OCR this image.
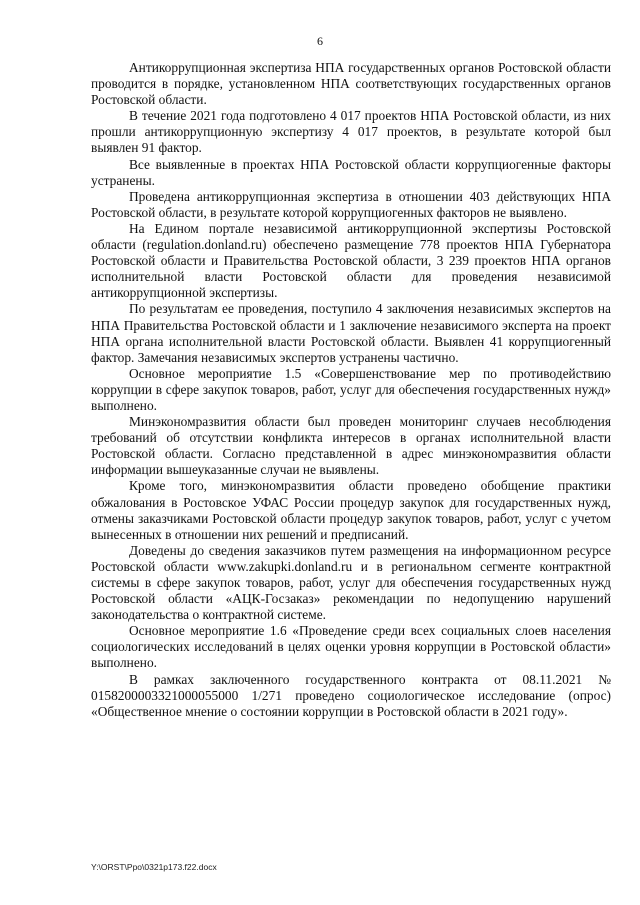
6

Антикоррупционная экспертиза НПА государственных органов Ростовской области проводится в порядке, установленном НПА соответствующих государственных органов Ростовской области.

В течение 2021 года подготовлено 4 017 проектов НПА Ростовской области, из них прошли антикоррупционную экспертизу 4 017 проектов, в результате которой был выявлен 91 фактор.

Все выявленные в проектах НПА Ростовской области коррупциогенные факторы устранены.

Проведена антикоррупционная экспертиза в отношении 403 действующих НПА Ростовской области, в результате которой коррупциогенных факторов не выявлено.

На Едином портале независимой антикоррупционной экспертизы Ростовской области (regulation.donland.ru) обеспечено размещение 778 проектов НПА Губернатора Ростовской области и Правительства Ростовской области, 3 239 проектов НПА органов исполнительной власти Ростовской области для проведения независимой антикоррупционной экспертизы.

По результатам ее проведения, поступило 4 заключения независимых экспертов на НПА Правительства Ростовской области и 1 заключение независимого эксперта на проект НПА органа исполнительной власти Ростовской области. Выявлен 41 коррупциогенный фактор. Замечания независимых экспертов устранены частично.

Основное мероприятие 1.5 «Совершенствование мер по противодействию коррупции в сфере закупок товаров, работ, услуг для обеспечения государственных нужд» выполнено.

Минэкономразвития области был проведен мониторинг случаев несоблюдения требований об отсутствии конфликта интересов в органах исполнительной власти Ростовской области. Согласно представленной в адрес минэкономразвития области информации вышеуказанные случаи не выявлены.

Кроме того, минэкономразвития области проведено обобщение практики обжалования в Ростовское УФАС России процедур закупок для государственных нужд, отмены заказчиками Ростовской области процедур закупок товаров, работ, услуг с учетом вынесенных в отношении них решений и предписаний.

Доведены до сведения заказчиков путем размещения на информационном ресурсе Ростовской области www.zakupki.donland.ru и в региональном сегменте контрактной системы в сфере закупок товаров, работ, услуг для обеспечения государственных нужд Ростовской области «АЦК-Госзаказ» рекомендации по недопущению нарушений законодательства о контрактной системе.

Основное мероприятие 1.6 «Проведение среди всех социальных слоев населения социологических исследований в целях оценки уровня коррупции в Ростовской области» выполнено.

В рамках заключенного государственного контракта от 08.11.2021 № 0158200003321000055000 1/271 проведено социологическое исследование (опрос) «Общественное мнение о состоянии коррупции в Ростовской области в 2021 году».

Y:\ORST\Ppo\0321p173.f22.docx
